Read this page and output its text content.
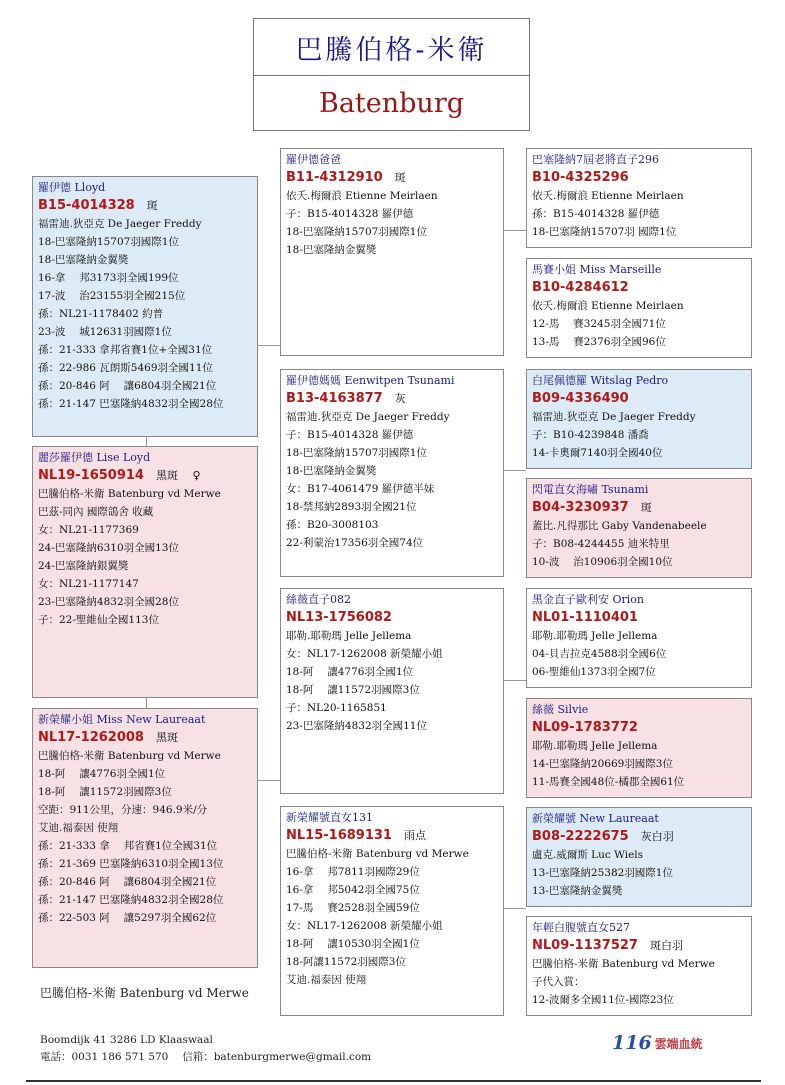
巴騰伯格-米衛
Batenburg
羅伊德 Lloyd
B15-4014328 斑
福雷迪.狄亞克 De Jaeger Freddy
18-巴塞隆納15707羽國際1位
18-巴塞隆納金翼獎
16-拿　 邦3173羽全國199位
17-波　 治23155羽全國215位
孫：NL21-1178402 約普
23-波　 城12631羽國際1位
孫：21-333 拿邦省賽1位+全國31位
孫：22-986 瓦朗斯5469羽全國11位
孫：20-846 阿　 讓6804羽全國21位
孫：21-147 巴塞隆納4832羽全國28位
麗莎羅伊德 Lise Loyd
NL19-1650914 黑斑　 ♀
巴騰伯格-米衛 Batenburg vd Merwe
巴茲-同內 國際鴿舍 收藏
女：NL21-1177369
24-巴塞隆納6310羽全國13位
24-巴塞隆納銀翼獎
女：NL21-1177147
23-巴塞隆納4832羽全國28位
子：22-聖維仙全國113位
新榮耀小姐 Miss New Laureaat
NL17-1262008 黑斑
巴騰伯格-米衛 Batenburg vd Merwe
18-阿　 讓4776羽全國1位
18-阿　 讓11572羽國際3位
空距：911公里，分速：946.9米/分
艾迪.福泰因 使翔
孫：21-333 拿　 邦省賽1位全國31位
孫：21-369 巴塞隆納6310羽全國13位
孫：20-846 阿　 讓6804羽全國21位
孫：21-147 巴塞隆納4832羽全國28位
孫：22-503 阿　 讓5297羽全國62位
羅伊德爸爸
B11-4312910 斑
依夭.梅爾浪 Etienne Meirlaen
子：B15-4014328 羅伊德
18-巴塞隆納15707羽國際1位
18-巴塞隆納金翼獎
羅伊德媽媽 Eenwitpen Tsunami
B13-4163877 灰
福雷迪.狄亞克 De Jaeger Freddy
子：B15-4014328 羅伊德
18-巴塞隆納15707羽國際1位
18-巴塞隆納金翼獎
女：B17-4061479 羅伊德半妹
18-禁邦納2893羽全國21位
孫：B20-3008103
22-利蒙治17356羽全國74位
絲薇直子082
NL13-1756082
耶勒.耶勒瑪 Jelle Jellema
女：NL17-1262008 新榮耀小姐
18-阿　 讓4776羽全國1位
18-阿　 讓11572羽國際3位
子：NL20-1165851
23-巴塞隆納4832羽全國11位
新榮耀號直女131
NL15-1689131 雨点
巴騰伯格-米衛 Batenburg vd Merwe
16-拿　 邦7811羽國際29位
16-拿　 邦5042羽全國75位
17-馬　 賽2528羽全國59位
女：NL17-1262008 新榮耀小姐
18-阿　 讓10530羽全國1位
18-阿讓11572羽國際3位
艾迪.福泰因 使翔
巴塞隆納7屆老將直子296
B10-4325296
依夭.梅爾浪 Etienne Meirlaen
孫：B15-4014328 羅伊德
18-巴塞隆納15707羽 國際1位
馬賽小姐 Miss Marseille
B10-4284612
依夭.梅爾浪 Etienne Meirlaen
12-馬　 賽3245羽全國71位
13-馬　 賽2376羽全國96位
白尾佩德羅 Witslag Pedro
B09-4336490
福雷迪.狄亞克 De Jaeger Freddy
子：B10-4239848 潘喬
14-卡奧爾7140羽全國40位
閃電直女海嘯 Tsunami
B04-3230937 斑
蓋比.凡得那比 Gaby Vandenabeele
子：B08-4244455 迪米特里
10-波　 治10906羽全國10位
黑金直子歐利安 Orion
NL01-1110401
耶勒.耶勒瑪 Jelle Jellema
04-貝吉拉克4588羽全國6位
06-聖維仙1373羽全國7位
絲薇 Silvie
NL09-1783772
耶勒.耶勒瑪 Jelle Jellema
14-巴塞隆納20669羽國際3位
11-馬賽全國48位-橘郡全國61位
新榮耀號 New Laureaat
B08-2222675 灰白羽
盧克.威爾斯 Luc Wiels
13-巴塞隆納25382羽國際1位
13-巴塞隆納金翼獎
年輕白腹號直女527
NL09-1137527 斑白羽
巴騰伯格-米衛 Batenburg vd Merwe
子代入賞：
12-波爾多全國11位-國際23位
巴騰伯格-米衛 Batenburg vd Merwe
Boomdijk 41 3286 LD Klaaswaal
電話：0031 186 571 570　 信箱：batenburgmerwe@gmail.com
116 雲端血統
